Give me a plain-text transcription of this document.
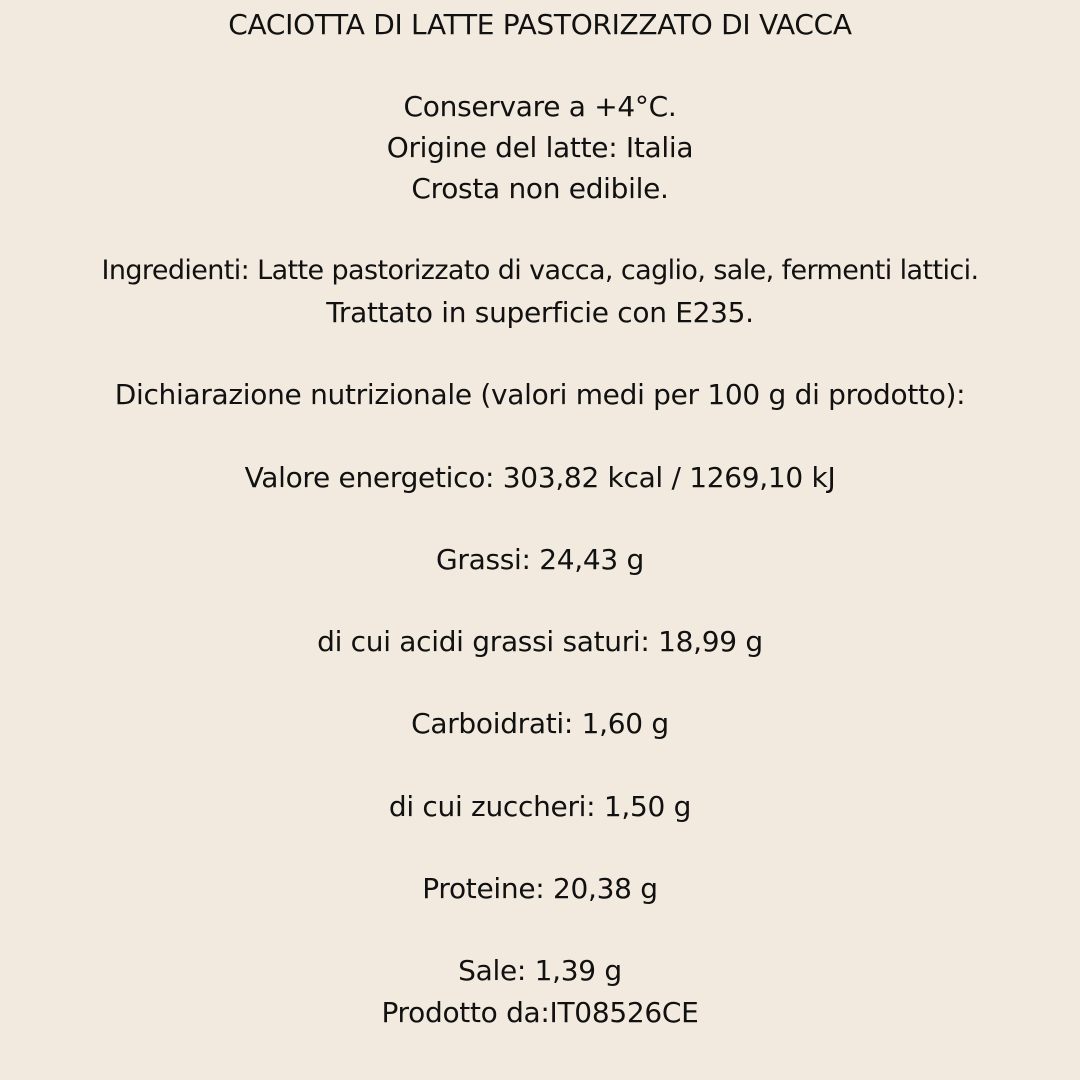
CACIOTTA DI LATTE PASTORIZZATO DI VACCA
Conservare a +4°C.
Origine del latte: Italia
Crosta non edibile.
Ingredienti: Latte pastorizzato di vacca, caglio, sale, fermenti lattici.
Trattato in superficie con E235.
Dichiarazione nutrizionale (valori medi per 100 g di prodotto):
Valore energetico: 303,82 kcal / 1269,10 kJ
Grassi: 24,43 g
di cui acidi grassi saturi: 18,99 g
Carboidrati: 1,60 g
di cui zuccheri: 1,50 g
Proteine: 20,38 g
Sale: 1,39 g
Prodotto da:IT08526CE
